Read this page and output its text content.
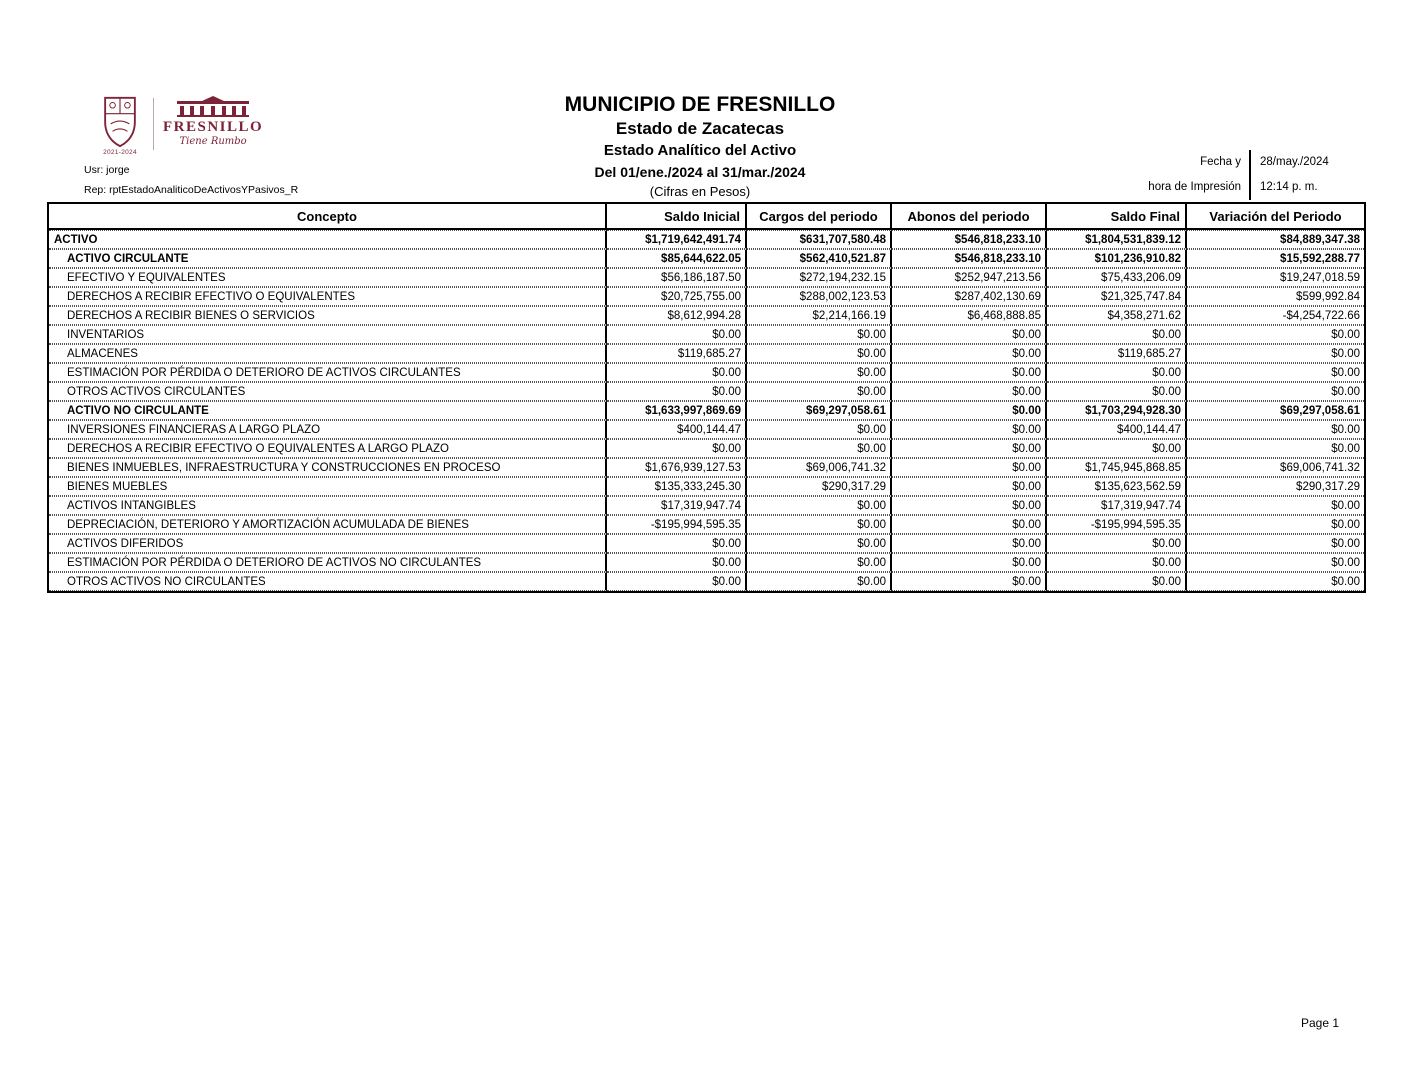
2021-2024
FRESNILLO
Tiene Rumbo
MUNICIPIO DE FRESNILLO
Estado de Zacatecas
Estado Analítico del Activo
Del 01/ene./2024 al 31/mar./2024
(Cifras en Pesos)
Usr: jorge
Rep: rptEstadoAnaliticoDeActivosYPasivos_R
Fecha y
hora de Impresión
28/may./2024
12:14 p. m.
Concepto	Saldo Inicial	Cargos del periodo	Abonos del periodo	Saldo Final	Variación del Periodo
ACTIVO	$1,719,642,491.74	$631,707,580.48	$546,818,233.10	$1,804,531,839.12	$84,889,347.38
ACTIVO CIRCULANTE	$85,644,622.05	$562,410,521.87	$546,818,233.10	$101,236,910.82	$15,592,288.77
EFECTIVO Y EQUIVALENTES	$56,186,187.50	$272,194,232.15	$252,947,213.56	$75,433,206.09	$19,247,018.59
DERECHOS A RECIBIR EFECTIVO O EQUIVALENTES	$20,725,755.00	$288,002,123.53	$287,402,130.69	$21,325,747.84	$599,992.84
DERECHOS A RECIBIR BIENES O SERVICIOS	$8,612,994.28	$2,214,166.19	$6,468,888.85	$4,358,271.62	-$4,254,722.66
INVENTARIOS	$0.00	$0.00	$0.00	$0.00	$0.00
ALMACENES	$119,685.27	$0.00	$0.00	$119,685.27	$0.00
ESTIMACIÓN POR PÉRDIDA O DETERIORO DE ACTIVOS CIRCULANTES	$0.00	$0.00	$0.00	$0.00	$0.00
OTROS ACTIVOS CIRCULANTES	$0.00	$0.00	$0.00	$0.00	$0.00
ACTIVO NO CIRCULANTE	$1,633,997,869.69	$69,297,058.61	$0.00	$1,703,294,928.30	$69,297,058.61
INVERSIONES FINANCIERAS A LARGO PLAZO	$400,144.47	$0.00	$0.00	$400,144.47	$0.00
DERECHOS A RECIBIR EFECTIVO O EQUIVALENTES A LARGO PLAZO	$0.00	$0.00	$0.00	$0.00	$0.00
BIENES INMUEBLES, INFRAESTRUCTURA Y CONSTRUCCIONES EN PROCESO	$1,676,939,127.53	$69,006,741.32	$0.00	$1,745,945,868.85	$69,006,741.32
BIENES MUEBLES	$135,333,245.30	$290,317.29	$0.00	$135,623,562.59	$290,317.29
ACTIVOS INTANGIBLES	$17,319,947.74	$0.00	$0.00	$17,319,947.74	$0.00
DEPRECIACIÓN, DETERIORO Y AMORTIZACIÓN ACUMULADA DE BIENES	-$195,994,595.35	$0.00	$0.00	-$195,994,595.35	$0.00
ACTIVOS DIFERIDOS	$0.00	$0.00	$0.00	$0.00	$0.00
ESTIMACIÓN POR PÉRDIDA O DETERIORO DE ACTIVOS NO CIRCULANTES	$0.00	$0.00	$0.00	$0.00	$0.00
OTROS ACTIVOS NO CIRCULANTES	$0.00	$0.00	$0.00	$0.00	$0.00
Page 1
